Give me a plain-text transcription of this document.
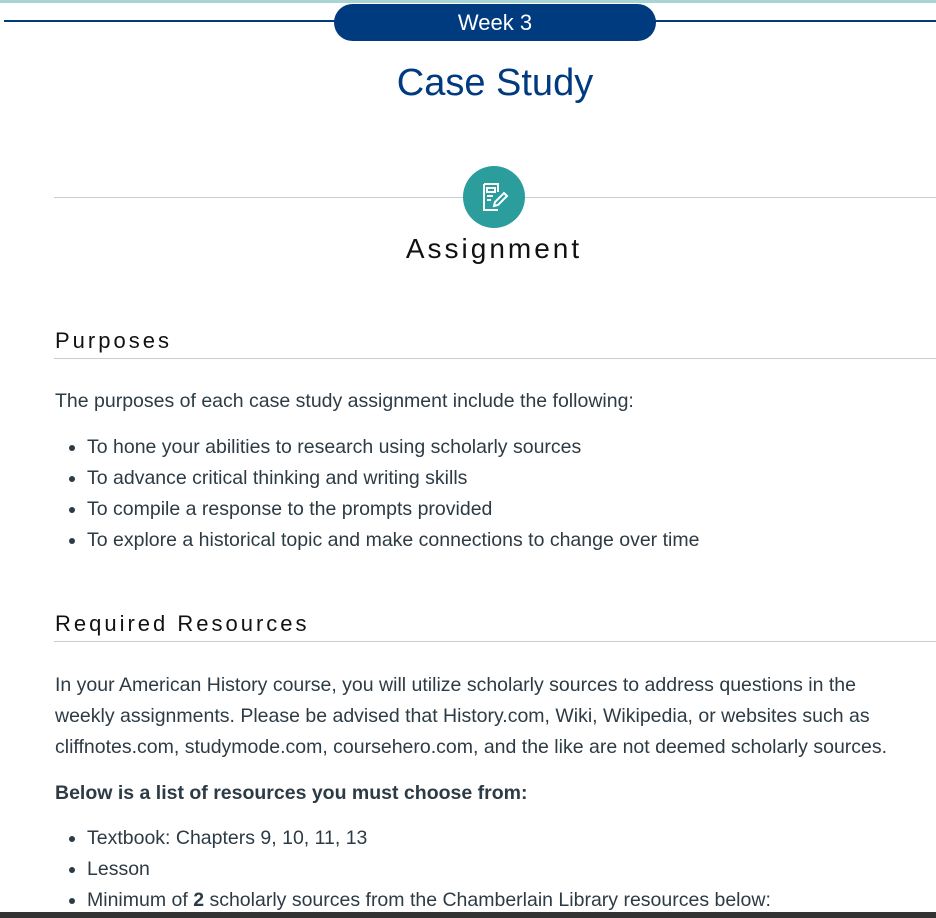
Week 3
Case Study
Assignment
Purposes
The purposes of each case study assignment include the following:
• To hone your abilities to research using scholarly sources
• To advance critical thinking and writing skills
• To compile a response to the prompts provided
• To explore a historical topic and make connections to change over time
Required Resources
In your American History course, you will utilize scholarly sources to address questions in the
weekly assignments. Please be advised that History.com, Wiki, Wikipedia, or websites such as
cliffnotes.com, studymode.com, coursehero.com, and the like are not deemed scholarly sources.
Below is a list of resources you must choose from:
• Textbook: Chapters 9, 10, 11, 13
• Lesson
• Minimum of 2 scholarly sources from the Chamberlain Library resources below:
